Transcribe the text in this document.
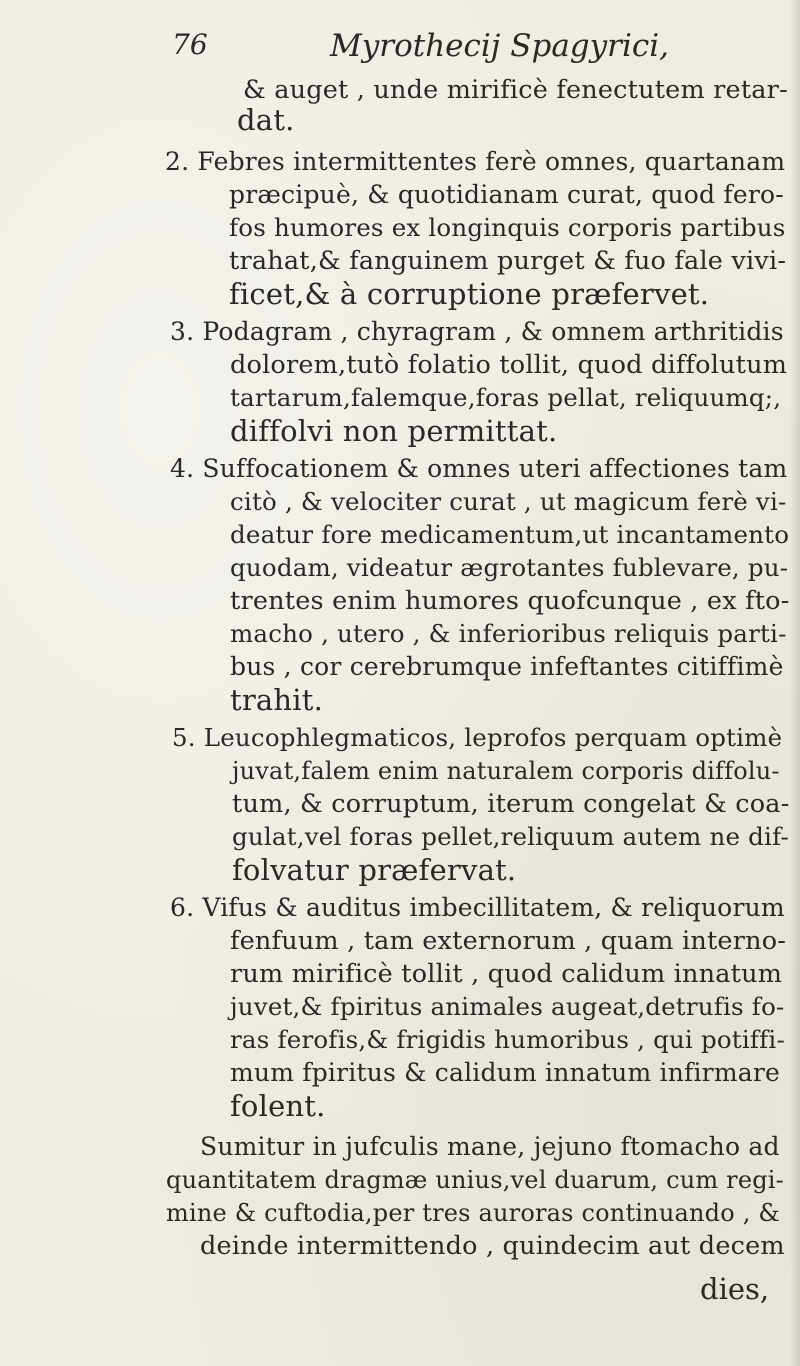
76	Myrothecij Spagyrici,
& auget , unde mirificè fenectutem retar-
dat.
2. Febres intermittentes ferè omnes, quartanam
præcipuè, & quotidianam curat, quod fero-
fos humores ex longinquis corporis partibus
trahat,& fanguinem purget & fuo fale vivi-
ficet,& à corruptione præfervet.
3. Podagram , chyragram , & omnem arthritidis
dolorem,tutò folatio tollit, quod diffolutum
tartarum,falemque,foras pellat, reliquumq;,
diffolvi non permittat.
4. Suffocationem & omnes uteri affectiones tam
citò , & velociter curat , ut magicum ferè vi-
deatur fore medicamentum,ut incantamento
quodam, videatur ægrotantes fublevare, pu-
trentes enim humores quofcunque , ex fto-
macho , utero , & inferioribus reliquis parti-
bus , cor cerebrumque infeftantes citiffimè
trahit.
5. Leucophlegmaticos, leprofos perquam optimè
juvat,falem enim naturalem corporis diffolu-
tum, & corruptum, iterum congelat & coa-
gulat,vel foras pellet,reliquum autem ne dif-
folvatur præfervat.
6. Vifus & auditus imbecillitatem, & reliquorum
fenfuum , tam externorum , quam interno-
rum mirificè tollit , quod calidum innatum
juvet,& fpiritus animales augeat,detrufis fo-
ras ferofis,& frigidis humoribus , qui potiffi-
mum fpiritus & calidum innatum infirmare
folent.
Sumitur in jufculis mane, jejuno ftomacho ad
quantitatem dragmæ unius,vel duarum, cum regi-
mine & cuftodia,per tres auroras continuando , &
deinde intermittendo , quindecim aut decem
dies,
